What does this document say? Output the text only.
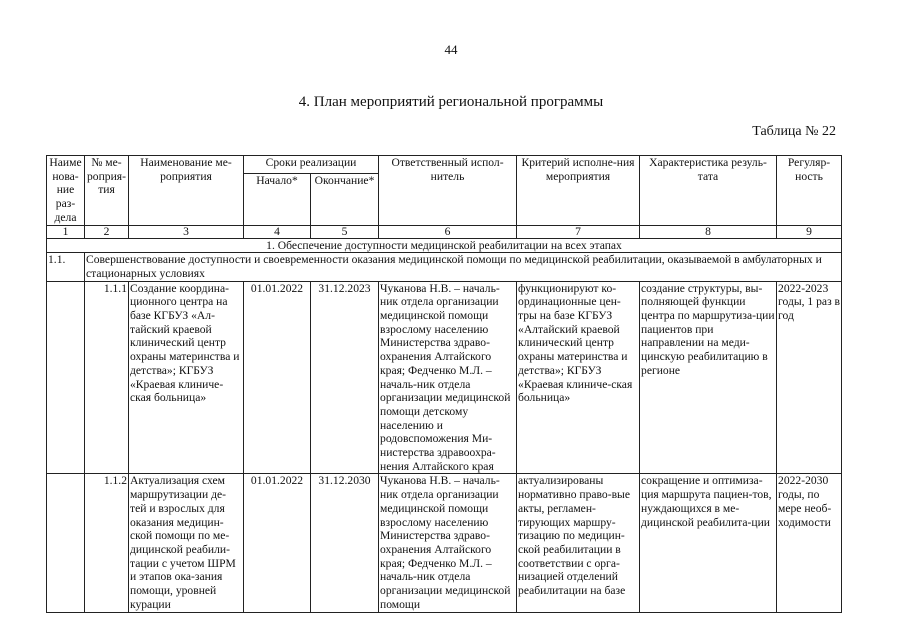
44
4. План мероприятий региональной программы
Таблица № 22
Наиме нова-ние раз-дела	№ ме-роприя-тия	Наименование ме-роприятия	Сроки реализации		Ответственный испол-нитель	Критерий исполне-ния мероприятия	Характеристика резуль-тата	Регуляр-ность
			Начало*	Окончание*				
1	2	3	4	5	6	7	8	9
1. Обеспечение доступности медицинской реабилитации на всех этапах								
1.1.	Совершенствование доступности и своевременности оказания медицинской помощи по медицинской реабилитации, оказываемой в амбулаторных и стационарных условиях							
	1.1.1	Создание координа-ционного центра на базе КГБУЗ «Ал-тайский краевой клинический центр охраны материнства и детства»; КГБУЗ «Краевая клиниче-ская больница»	01.01.2022	31.12.2023	Чуканова Н.В. – началь-ник отдела организации медицинской помощи взрослому населению Министерства здраво-охранения Алтайского края; Федченко М.Л. –началь-ник отдела организации медицинской помощи детскому населению и родовспоможения Ми-нистерства здравоохра-нения Алтайского края	функционируют ко-ординационные цен-тры на базе КГБУЗ «Алтайский краевой клинический центр охраны материнства и детства»; КГБУЗ «Краевая клиниче-ская больница»	создание структуры, вы-полняющей функции центра по маршрутиза-ции пациентов при направлении на меди-цинскую реабилитацию в регионе	2022-2023 годы, 1 раз в год
	1.1.2	Актуализация схем маршрутизации де-тей и взрослых для оказания медицин-ской помощи по ме-дицинской реабили-тации с учетом ШРМ и этапов ока-зания помощи, уровней курации	01.01.2022	31.12.2030	Чуканова Н.В. – началь-ник отдела организации медицинской помощи взрослому населению Министерства здраво-охранения Алтайского края; Федченко М.Л. –началь-ник отдела организации медицинской помощи	актуализированы нормативно право-вые акты, регламен-тирующих маршру-тизацию по медицин-ской реабилитации в соответствии с орга-низацией отделений реабилитации на базе	сокращение и оптимиза-ция маршрута пациен-тов, нуждающихся в ме-дицинской реабилита-ции	2022-2030 годы, по мере необ-ходимости
